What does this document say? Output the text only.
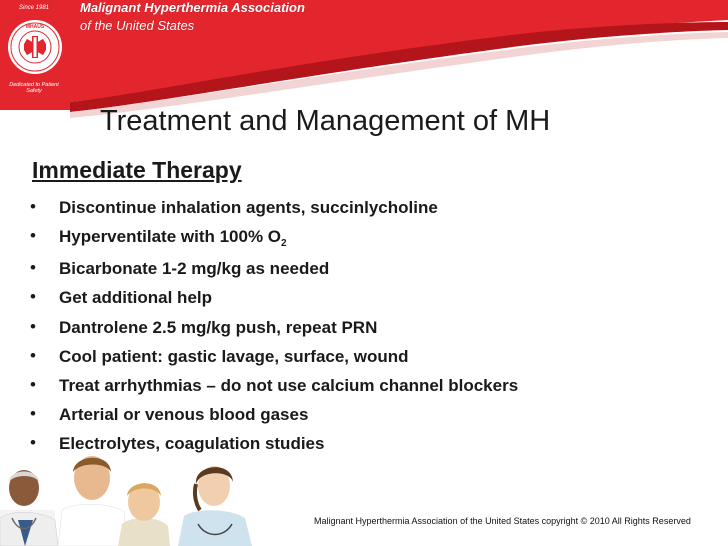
Since 1981
MHAUS
Dedicated to Patient Safety
Malignant Hyperthermia Association
of the United States
Treatment and Management of MH
Immediate Therapy
• Discontinue inhalation agents, succinlycholine
• Hyperventilate with 100% $O_2$
• Bicarbonate 1-2 mg/kg as needed
• Get additional help
• Dantrolene 2.5 mg/kg push, repeat PRN
• Cool patient: gastic lavage, surface, wound
• Treat arrhythmias – do not use calcium channel blockers
• Arterial or venous blood gases
• Electrolytes, coagulation studies
Malignant Hyperthermia Association of the United States copyright © 2010 All Rights Reserved
